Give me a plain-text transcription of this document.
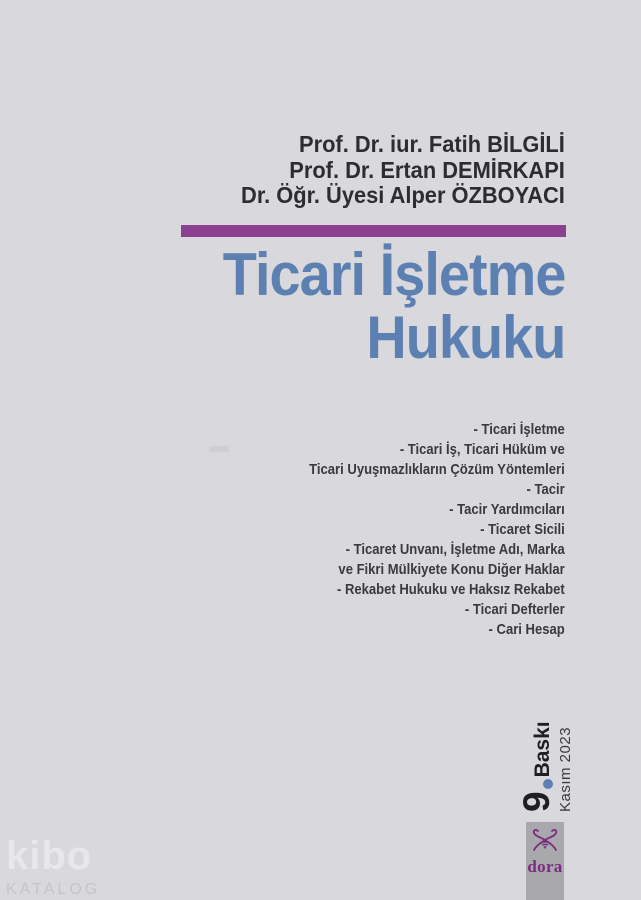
Prof. Dr. iur. Fatih BİLGİLİ
Prof. Dr. Ertan DEMİRKAPI
Dr. Öğr. Üyesi Alper ÖZBOYACI
Ticari İşletme
Hukuku
- Ticari İşletme
- Ticari İş, Ticari Hüküm ve
Ticari Uyuşmazlıkların Çözüm Yöntemleri
- Tacir
- Tacir Yardımcıları
- Ticaret Sicili
- Ticaret Unvanı, İşletme Adı, Marka
ve Fikri Mülkiyete Konu Diğer Haklar
- Rekabet Hukuku ve Haksız Rekabet
- Ticari Defterler
- Cari Hesap
9
Baskı Kasım 2023
dora
kibo
KATALOG
